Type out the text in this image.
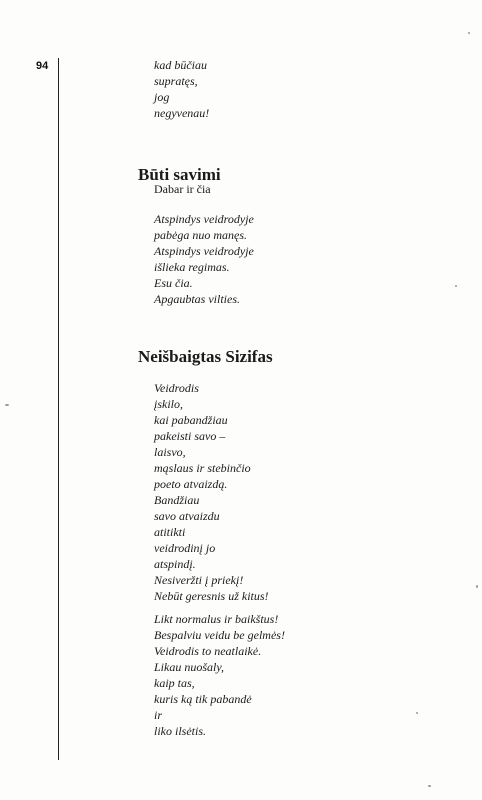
94	kad būčiau
supratęs,
jog
negyvenau!
Būti savimi
Dabar ir čia
Atspindys veidrodyje
pabėga nuo manęs.
Atspindys veidrodyje
išlieka regimas.
Esu čia.
Apgaubtas vilties.
Neišbaigtas Sizifas
Veidrodis
įskilo,
kai pabandžiau
pakeisti savo –
laisvo,
mąslaus ir stebinčio
poeto atvaizdą.
Bandžiau
savo atvaizdu
atitikti
veidrodinį jo
atspindį.
Nesiveržti į priekį!
Nebūt geresnis už kitus!
Likt normalus ir baikštus!
Bespalviu veidu be gelmės!
Veidrodis to neatlaikė.
Likau nuošaly,
kaip tas,
kuris ką tik pabandė
ir
liko ilsėtis.
